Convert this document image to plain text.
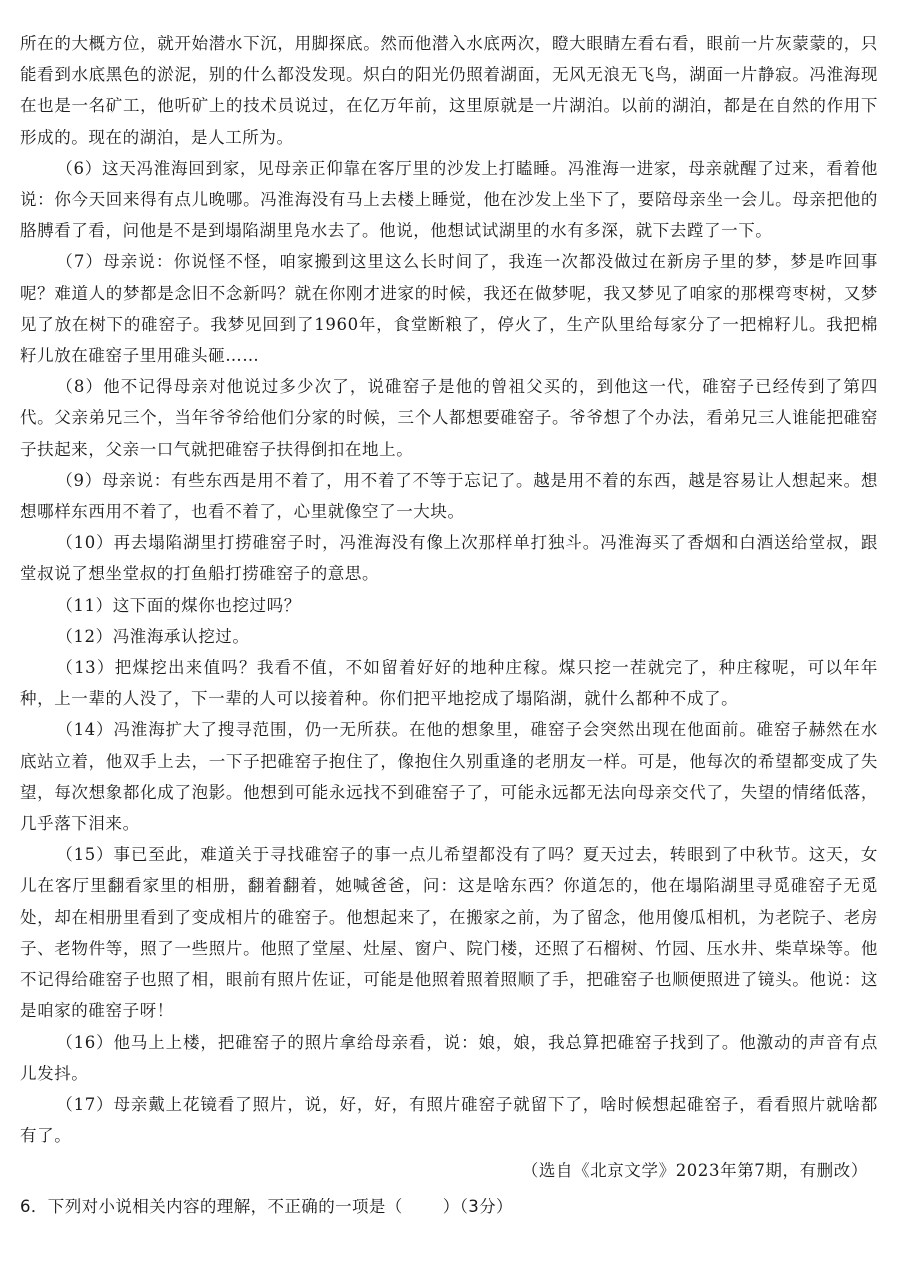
所在的大概方位，就开始潜水下沉，用脚探底。然而他潜入水底两次，瞪大眼睛左看右看，眼前一片灰蒙蒙的，只能看到水底黑色的淤泥，别的什么都没发现。炽白的阳光仍照着湖面，无风无浪无飞鸟，湖面一片静寂。冯淮海现在也是一名矿工，他听矿上的技术员说过，在亿万年前，这里原就是一片湖泊。以前的湖泊，都是在自然的作用下形成的。现在的湖泊，是人工所为。

（6）这天冯淮海回到家，见母亲正仰靠在客厅里的沙发上打瞌睡。冯淮海一进家，母亲就醒了过来，看着他说：你今天回来得有点儿晚哪。冯淮海没有马上去楼上睡觉，他在沙发上坐下了，要陪母亲坐一会儿。母亲把他的胳膊看了看，问他是不是到塌陷湖里凫水去了。他说，他想试试湖里的水有多深，就下去蹚了一下。

（7）母亲说：你说怪不怪，咱家搬到这里这么长时间了，我连一次都没做过在新房子里的梦，梦是咋回事呢？难道人的梦都是念旧不念新吗？就在你刚才进家的时候，我还在做梦呢，我又梦见了咱家的那棵弯枣树，又梦见了放在树下的碓窑子。我梦见回到了1960年，食堂断粮了，停火了，生产队里给每家分了一把棉籽儿。我把棉籽儿放在碓窑子里用碓头砸……

（8）他不记得母亲对他说过多少次了，说碓窑子是他的曾祖父买的，到他这一代，碓窑子已经传到了第四代。父亲弟兄三个，当年爷爷给他们分家的时候，三个人都想要碓窑子。爷爷想了个办法，看弟兄三人谁能把碓窑子扶起来，父亲一口气就把碓窑子扶得倒扣在地上。

（9）母亲说：有些东西是用不着了，用不着了不等于忘记了。越是用不着的东西，越是容易让人想起来。想想哪样东西用不着了，也看不着了，心里就像空了一大块。

（10）再去塌陷湖里打捞碓窑子时，冯淮海没有像上次那样单打独斗。冯淮海买了香烟和白酒送给堂叔，跟堂叔说了想坐堂叔的打鱼船打捞碓窑子的意思。

（11）这下面的煤你也挖过吗？

（12）冯淮海承认挖过。

（13）把煤挖出来值吗？我看不值，不如留着好好的地种庄稼。煤只挖一茬就完了，种庄稼呢，可以年年种，上一辈的人没了，下一辈的人可以接着种。你们把平地挖成了塌陷湖，就什么都种不成了。

（14）冯淮海扩大了搜寻范围，仍一无所获。在他的想象里，碓窑子会突然出现在他面前。碓窑子赫然在水底站立着，他双手上去，一下子把碓窑子抱住了，像抱住久别重逢的老朋友一样。可是，他每次的希望都变成了失望，每次想象都化成了泡影。他想到可能永远找不到碓窑子了，可能永远都无法向母亲交代了，失望的情绪低落，几乎落下泪来。

（15）事已至此，难道关于寻找碓窑子的事一点儿希望都没有了吗？夏天过去，转眼到了中秋节。这天，女儿在客厅里翻看家里的相册，翻着翻着，她喊爸爸，问：这是啥东西？你道怎的，他在塌陷湖里寻觅碓窑子无觅处，却在相册里看到了变成相片的碓窑子。他想起来了，在搬家之前，为了留念，他用傻瓜相机，为老院子、老房子、老物件等，照了一些照片。他照了堂屋、灶屋、窗户、院门楼，还照了石榴树、竹园、压水井、柴草垛等。他不记得给碓窑子也照了相，眼前有照片佐证，可能是他照着照着照顺了手，把碓窑子也顺便照进了镜头。他说：这是咱家的碓窑子呀！

（16）他马上上楼，把碓窑子的照片拿给母亲看，说：娘，娘，我总算把碓窑子找到了。他激动的声音有点儿发抖。

（17）母亲戴上花镜看了照片，说，好，好，有照片碓窑子就留下了，啥时候想起碓窑子，看看照片就啥都有了。

（选自《北京文学》2023年第7期，有删改）

6．下列对小说相关内容的理解，不正确的一项是（ ）（3分）
